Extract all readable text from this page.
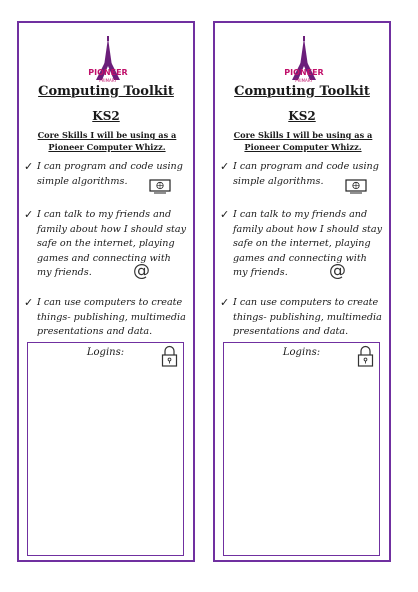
PIONEER
PRIMARY
Computing Toolkit
KS2
Core Skills I will be using as a Pioneer Computer Whizz.
✓ I can program and code using simple algorithms.
✓ I can talk to my friends and family about how I should stay safe on the internet, playing games and connecting with my friends.	@
✓ I can use computers to create things- publishing, multimedia presentations and data.
Logins:
PIONEER
PRIMARY
Computing Toolkit
KS2
Core Skills I will be using as a Pioneer Computer Whizz.
✓ I can program and code using simple algorithms.
✓ I can talk to my friends and family about how I should stay safe on the internet, playing games and connecting with my friends.	@
✓ I can use computers to create things- publishing, multimedia presentations and data.
Logins:
